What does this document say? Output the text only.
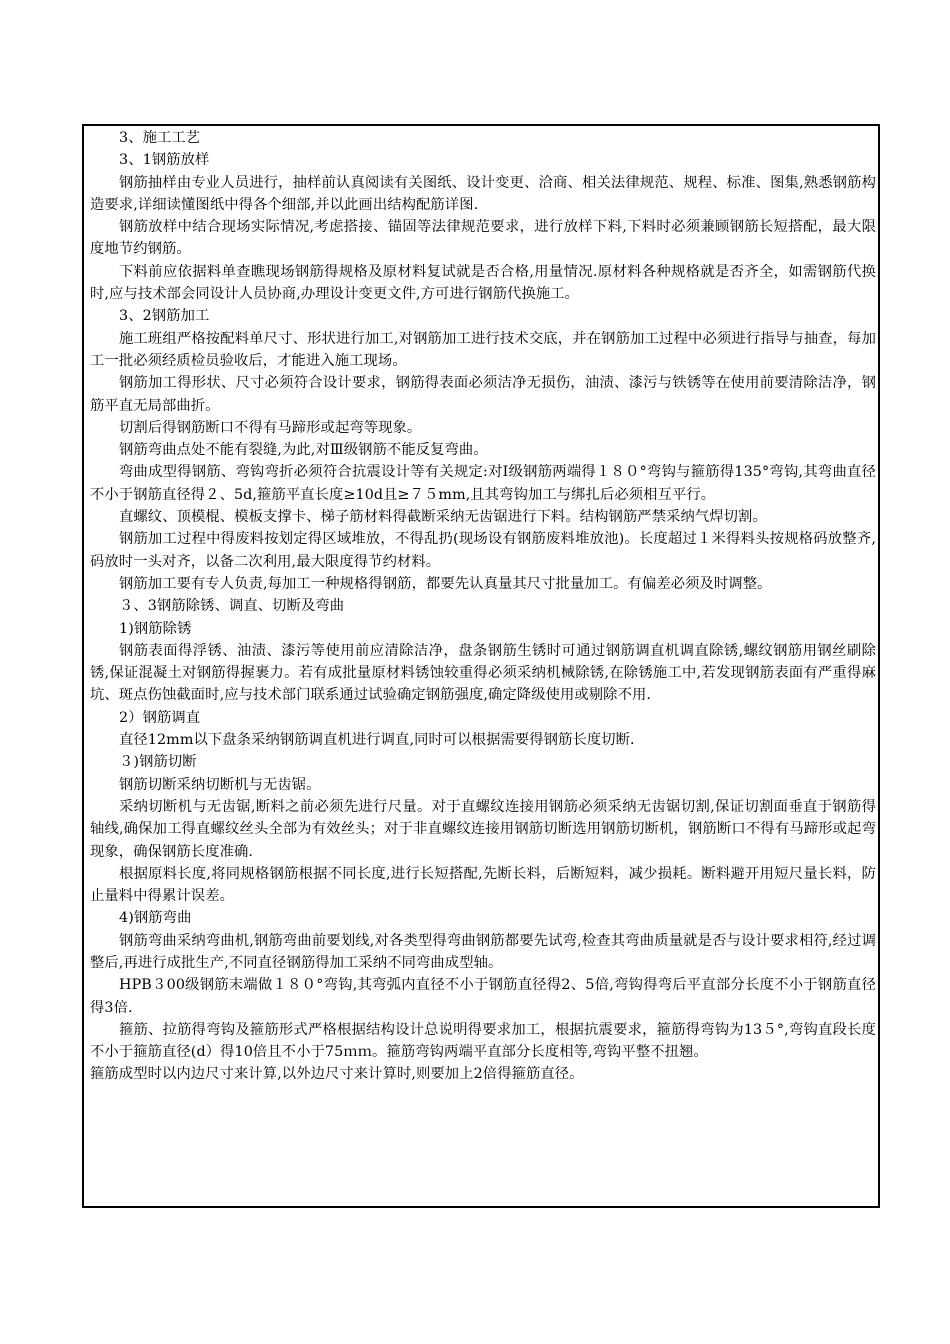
3、施工工艺

3、1钢筋放样

钢筋抽样由专业人员进行，抽样前认真阅读有关图纸、设计变更、洽商、相关法律规范、规程、标准、图集,熟悉钢筋构造要求,详细读懂图纸中得各个细部,并以此画出结构配筋详图.

钢筋放样中结合现场实际情况,考虑搭接、锚固等法律规范要求，进行放样下料,下料时必须兼顾钢筋长短搭配，最大限度地节约钢筋。

下料前应依据料单查瞧现场钢筋得规格及原材料复试就是否合格,用量情况.原材料各种规格就是否齐全，如需钢筋代换时,应与技术部会同设计人员协商,办理设计变更文件,方可进行钢筋代换施工。

3、2钢筋加工

施工班组严格按配料单尺寸、形状进行加工,对钢筋加工进行技术交底，并在钢筋加工过程中必须进行指导与抽查，每加工一批必须经质检员验收后，才能进入施工现场。

钢筋加工得形状、尺寸必须符合设计要求，钢筋得表面必须洁净无损伤，油渍、漆污与铁锈等在使用前要清除洁净，钢筋平直无局部曲折。

切割后得钢筋断口不得有马蹄形或起弯等现象。

钢筋弯曲点处不能有裂缝,为此,对Ⅲ级钢筋不能反复弯曲。

弯曲成型得钢筋、弯钩弯折必须符合抗震设计等有关规定:对Ⅰ级钢筋两端得１８０°弯钩与箍筋得135°弯钩,其弯曲直径不小于钢筋直径得２、5d,箍筋平直长度≥10d且≥７５mm,且其弯钩加工与绑扎后必须相互平行。

直螺纹、顶模棍、模板支撑卡、梯子筋材料得截断采纳无齿锯进行下料。结构钢筋严禁采纳气焊切割。

钢筋加工过程中得废料按划定得区域堆放，不得乱扔(现场设有钢筋废料堆放池)。长度超过１米得料头按规格码放整齐,码放时一头对齐，以备二次利用,最大限度得节约材料。

钢筋加工要有专人负责,每加工一种规格得钢筋，都要先认真量其尺寸批量加工。有偏差必须及时调整。

３、3钢筋除锈、调直、切断及弯曲

1)钢筋除锈

钢筋表面得浮锈、油渍、漆污等使用前应清除洁净，盘条钢筋生锈时可通过钢筋调直机调直除锈,螺纹钢筋用钢丝刷除锈,保证混凝土对钢筋得握裹力。若有成批量原材料锈蚀较重得必须采纳机械除锈,在除锈施工中,若发现钢筋表面有严重得麻坑、斑点伤蚀截面时,应与技术部门联系通过试验确定钢筋强度,确定降级使用或剔除不用.

2）钢筋调直

直径12mm以下盘条采纳钢筋调直机进行调直,同时可以根据需要得钢筋长度切断.

３)钢筋切断

钢筋切断采纳切断机与无齿锯。

采纳切断机与无齿锯,断料之前必须先进行尺量。对于直螺纹连接用钢筋必须采纳无齿锯切割,保证切割面垂直于钢筋得轴线,确保加工得直螺纹丝头全部为有效丝头；对于非直螺纹连接用钢筋切断选用钢筋切断机，钢筋断口不得有马蹄形或起弯现象，确保钢筋长度准确.

根据原料长度,将同规格钢筋根据不同长度,进行长短搭配,先断长料，后断短料，减少损耗。断料避开用短尺量长料，防止量料中得累计误差。

4)钢筋弯曲

钢筋弯曲采纳弯曲机,钢筋弯曲前要划线,对各类型得弯曲钢筋都要先试弯,检查其弯曲质量就是否与设计要求相符,经过调整后,再进行成批生产,不同直径钢筋得加工采纳不同弯曲成型轴。

HPB３00级钢筋末端做１８０°弯钩,其弯弧内直径不小于钢筋直径得2、5倍,弯钩得弯后平直部分长度不小于钢筋直径得3倍.

箍筋、拉筋得弯钩及箍筋形式严格根据结构设计总说明得要求加工，根据抗震要求，箍筋得弯钩为13５°,弯钩直段长度不小于箍筋直径(d）得10倍且不小于75ｍｍ。箍筋弯钩两端平直部分长度相等,弯钩平整不扭翘。

箍筋成型时以内边尺寸来计算,以外边尺寸来计算时,则要加上2倍得箍筋直径。
